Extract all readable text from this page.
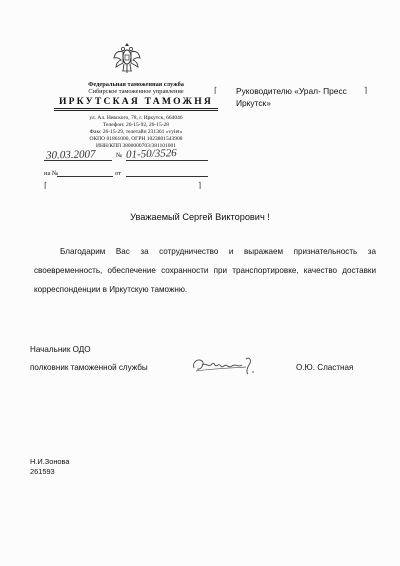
Федеральная таможенная служба
Сибирское таможенное управление
ИРКУТСКАЯ ТАМОЖНЯ
ул. Ал. Невского, 78, г. Иркутск, 664046
Телефон: 26-15-92, 26-15-28
Факс 26-15-29, телетайп 231361 «vylet»
ОКПО 01861000, ОГРН 1023801543908
ИНН/КПП 3800000703/381101001
30.03.2007	№ 01-50/3526
на №	от
⌈	⌉
⌈	⌉
Руководителю «Урал- Пресс
Иркутск»
Уважаемый Сергей Викторович !
Благодарим Вас за сотрудничество и выражаем признательность за своевременность, обеспечение сохранности при транспортировке, качество доставки корреспонденции в Иркутскую таможню.
Начальник ОДО
полковник таможенной службы	О.Ю. Сластная
Н.И.Зонова
261593
